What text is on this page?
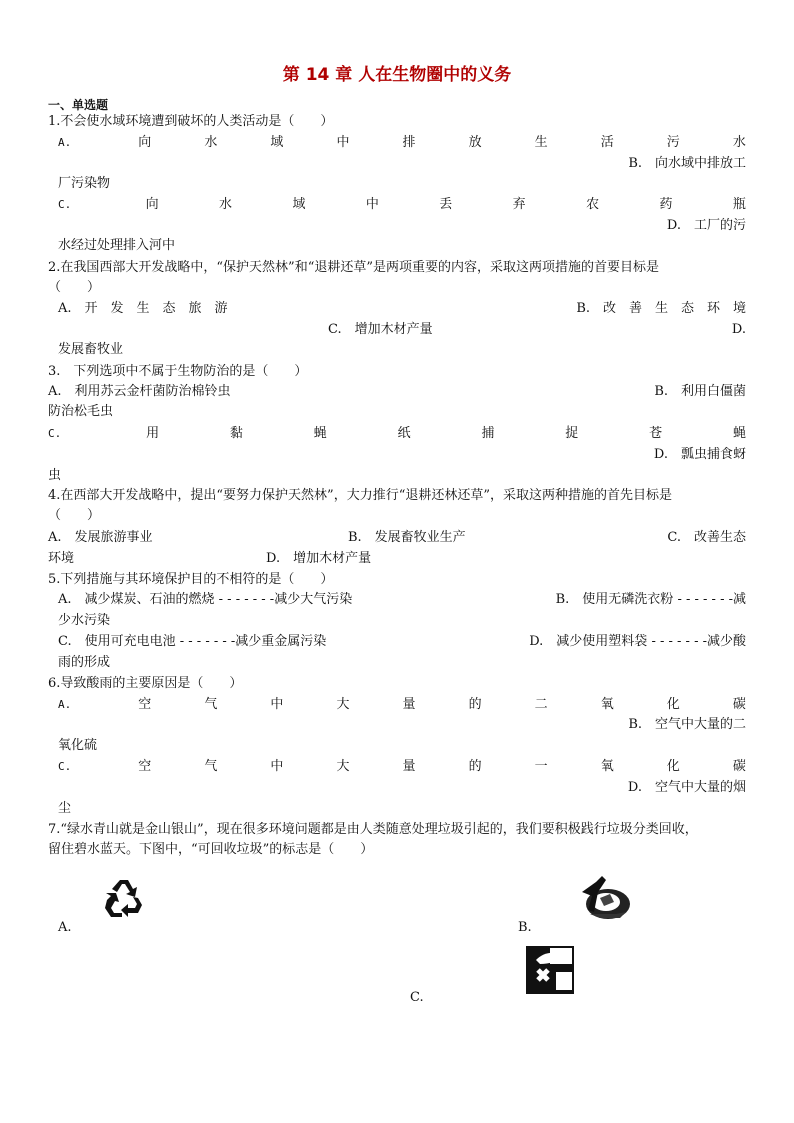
第 14 章 人在生物圈中的义务
一、单选题
1.不会使水域环境遭到破坏的人类活动是（　　）
A.	向	水	域	中	排	放	生	活	污	水
B.　向水域中排放工
厂污染物
C.	向	水	域	中	丢	弃	农	药	瓶
D.　工厂的污
水经过处理排入河中
2.在我国西部大开发战略中，“保护天然林”和“退耕还草”是两项重要的内容，采取这两项措施的首要目标是
（　　）
A.　开　发　生　态　旅　游	B.　改　善　生　态　环　境
C.　增加木材产量	D.
发展畜牧业
3.　下列选项中不属于生物防治的是（　　）
A.　利用苏云金杆菌防治棉铃虫	B.　利用白僵菌
防治松毛虫
C.	用	黏	蝇	纸	捕	捉	苍	蝇
D.　瓢虫捕食蚜
虫
4.在西部大开发战略中，提出“要努力保护天然林”，大力推行“退耕还林还草”，采取这两种措施的首先目标是
（　　）
A.　发展旅游事业	B.　发展畜牧业生产	C.　改善生态
环境	D.　增加木材产量
5.下列措施与其环境保护目的不相符的是（　　）
A.　减少煤炭、石油的燃烧 - - - - - - -减少大气污染	B.　使用无磷洗衣粉 - - - - - - -减
少水污染
C.　使用可充电电池 - - - - - - -减少重金属污染	D.　减少使用塑料袋 - - - - - - -减少酸
雨的形成
6.导致酸雨的主要原因是（　　）
A.	空	气	中	大	量	的	二	氧	化	碳
B.　空气中大量的二
氧化硫
C.	空	气	中	大	量	的	一	氧	化	碳
D.　空气中大量的烟
尘
7.“绿水青山就是金山银山”，现在很多环境问题都是由人类随意处理垃圾引起的，我们要积极践行垃圾分类回收，
留住碧水蓝天。下图中，“可回收垃圾”的标志是（　　）
A.	B.
C.
